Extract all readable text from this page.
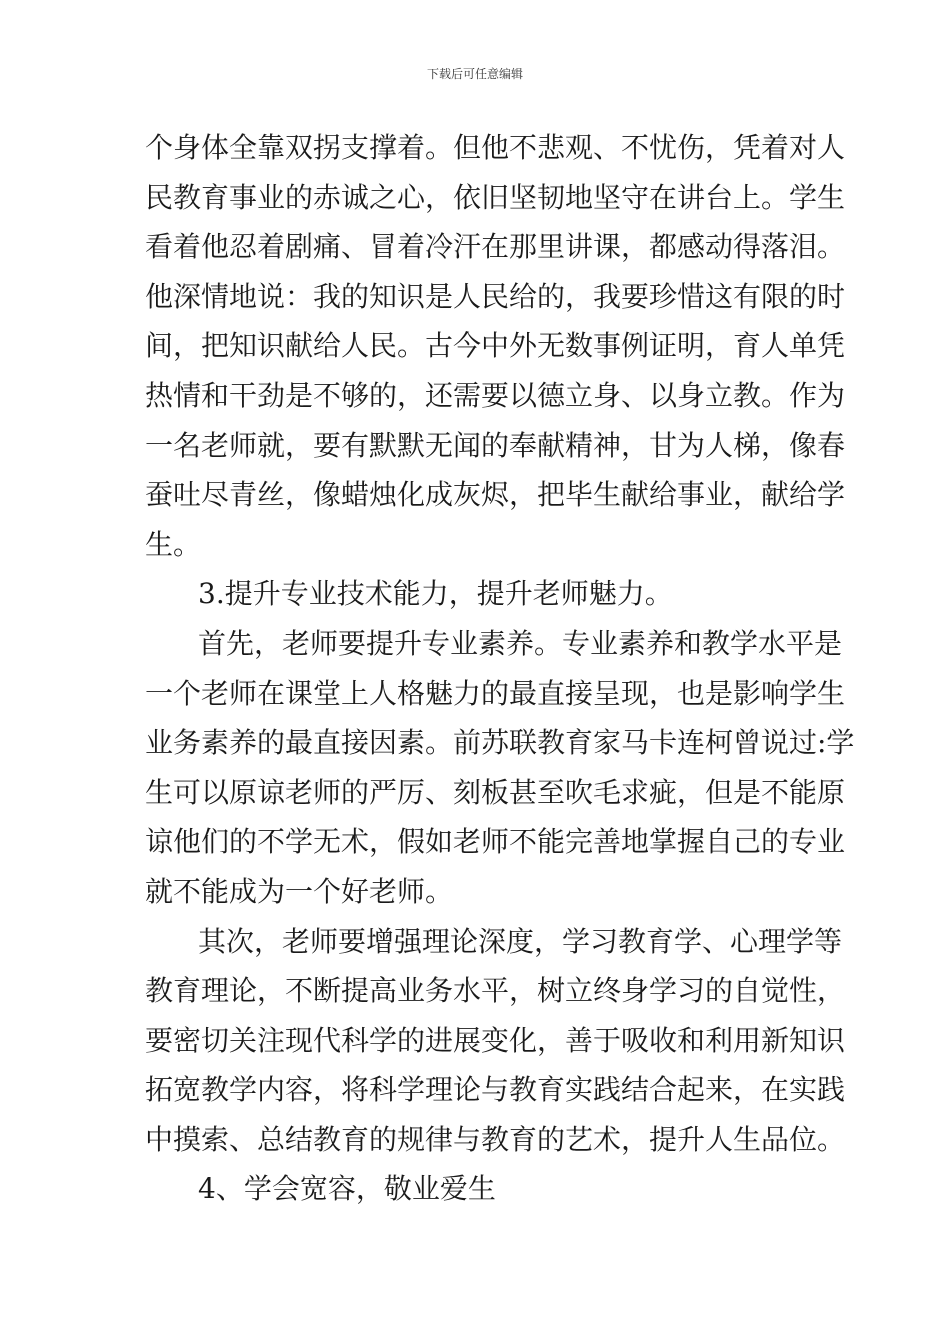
下载后可任意编辑
个身体全靠双拐支撑着。但他不悲观、不忧伤，凭着对人
民教育事业的赤诚之心，依旧坚韧地坚守在讲台上。学生
看着他忍着剧痛、冒着冷汗在那里讲课，都感动得落泪。
他深情地说：我的知识是人民给的，我要珍惜这有限的时
间，把知识献给人民。古今中外无数事例证明，育人单凭
热情和干劲是不够的，还需要以德立身、以身立教。作为
一名老师就，要有默默无闻的奉献精神，甘为人梯，像春
蚕吐尽青丝，像蜡烛化成灰烬，把毕生献给事业，献给学
生。
3.提升专业技术能力，提升老师魅力。
首先，老师要提升专业素养。专业素养和教学水平是
一个老师在课堂上人格魅力的最直接呈现，也是影响学生
业务素养的最直接因素。前苏联教育家马卡连柯曾说过:学
生可以原谅老师的严厉、刻板甚至吹毛求疵，但是不能原
谅他们的不学无术，假如老师不能完善地掌握自己的专业
就不能成为一个好老师。
其次，老师要增强理论深度，学习教育学、心理学等
教育理论，不断提高业务水平，树立终身学习的自觉性，
要密切关注现代科学的进展变化，善于吸收和利用新知识
拓宽教学内容，将科学理论与教育实践结合起来，在实践
中摸索、总结教育的规律与教育的艺术，提升人生品位。
4、学会宽容，敬业爱生
